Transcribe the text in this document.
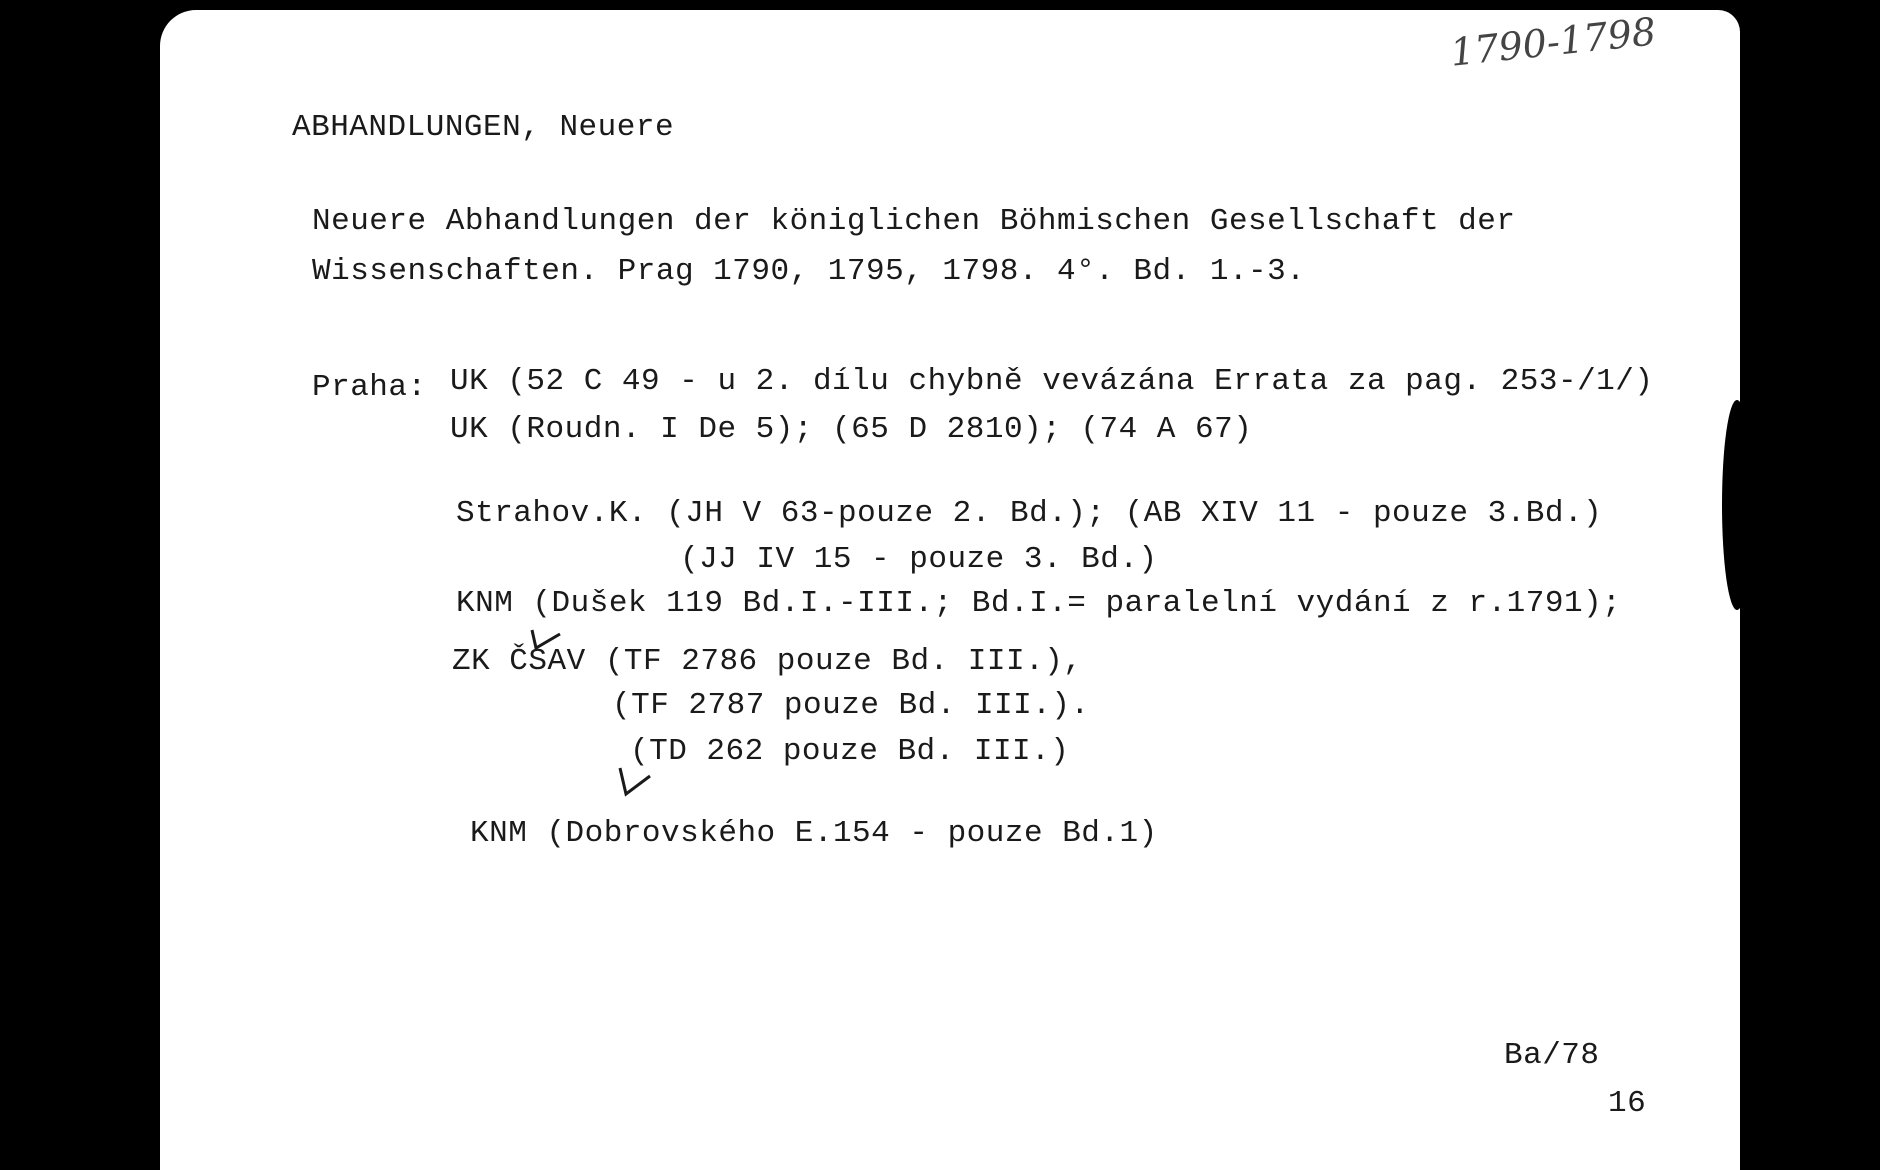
1790-1798
ABHANDLUNGEN, Neuere
Neuere Abhandlungen der königlichen Böhmischen Gesellschaft der
Wissenschaften. Prag 1790, 1795, 1798. 4°. Bd. 1.-3.
Praha: UK (52 C 49 - u 2. dílu chybně vevázána Errata za pag. 253-/1/)
UK (Roudn. I De 5); (65 D 2810); (74 A 67)
Strahov.K. (JH V 63-pouze 2. Bd.); (AB XIV 11 - pouze 3.Bd.)
(JJ IV 15 - pouze 3. Bd.)
KNM (Dušek 119 Bd.I.-III.; Bd.I.= paralelní vydání z r.1791);
ZK ČSAV (TF 2786 pouze Bd. III.),
(TF 2787 pouze Bd. III.).
(TD 262 pouze Bd. III.)
KNM (Dobrovského E.154 - pouze Bd.1)
Ba/78
16
